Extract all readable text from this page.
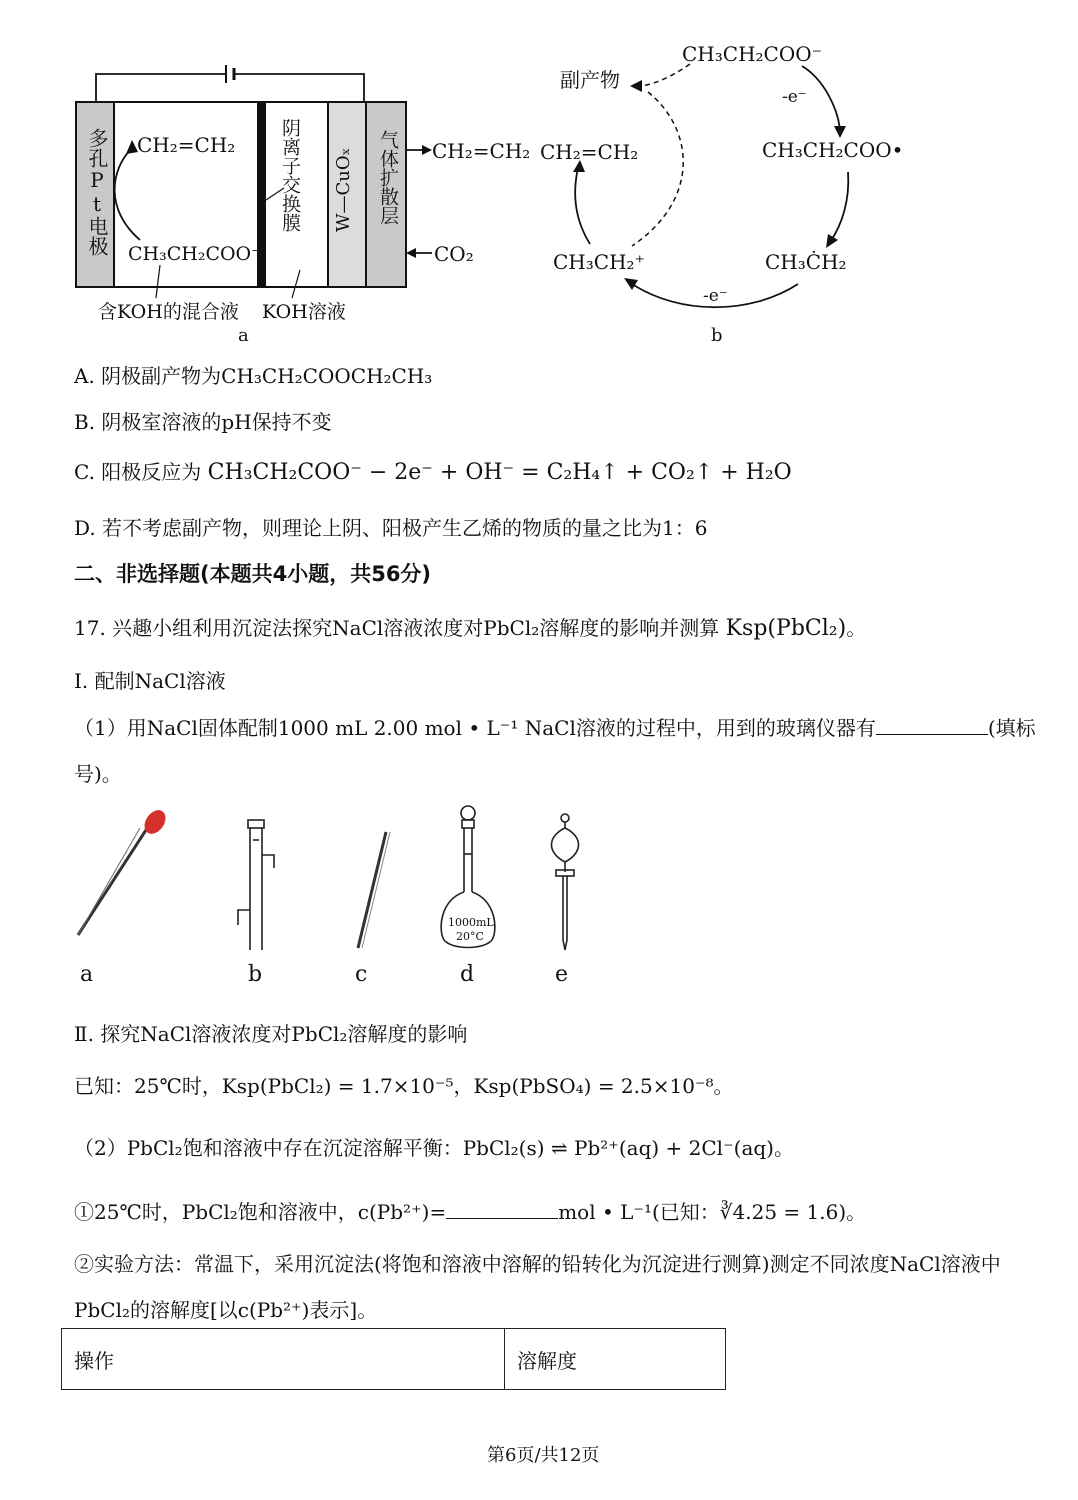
多孔Pt电极 CH₂=CH₂
CH₃CH₂COO⁻
阴离子交换膜 W—CuOₓ 气体扩散层 CH₂=CH₂
CO₂
含KOH的混合液 KOH溶液
a
副产物
CH₃CH₂COO⁻
-e⁻
CH₃CH₂COO•
CH₃ĊH₂
-e⁻
CH₃CH₂⁺
CH₂=CH₂
b
A. 阴极副产物为CH₃CH₂COOCH₂CH₃
B. 阴极室溶液的pH保持不变
C. 阳极反应为 CH₃CH₂COO⁻ − 2e⁻ + OH⁻ = C₂H₄↑ + CO₂↑ + H₂O
D. 若不考虑副产物，则理论上阴、阳极产生乙烯的物质的量之比为1：6
二、非选择题(本题共4小题，共56分)
17. 兴趣小组利用沉淀法探究NaCl溶液浓度对PbCl₂溶解度的影响并测算 Ksp(PbCl₂)。
Ⅰ. 配制NaCl溶液
（1）用NaCl固体配制1000 mL 2.00 mol • L⁻¹ NaCl溶液的过程中，用到的玻璃仪器有	(填标
号)。
1000mL
20°C
a	b	c	d	e
Ⅱ. 探究NaCl溶液浓度对PbCl₂溶解度的影响
已知：25℃时，Ksp(PbCl₂) = 1.7×10⁻⁵，Ksp(PbSO₄) = 2.5×10⁻⁸。
（2）PbCl₂饱和溶液中存在沉淀溶解平衡：PbCl₂(s) ⇌ Pb²⁺(aq) + 2Cl⁻(aq)。
①25℃时，PbCl₂饱和溶液中，c(Pb²⁺)=	mol • L⁻¹(已知：∛4.25 = 1.6)。
②实验方法：常温下，采用沉淀法(将饱和溶液中溶解的铅转化为沉淀进行测算)测定不同浓度NaCl溶液中
PbCl₂的溶解度[以c(Pb²⁺)表示]。
操作	溶解度
第6页/共12页
